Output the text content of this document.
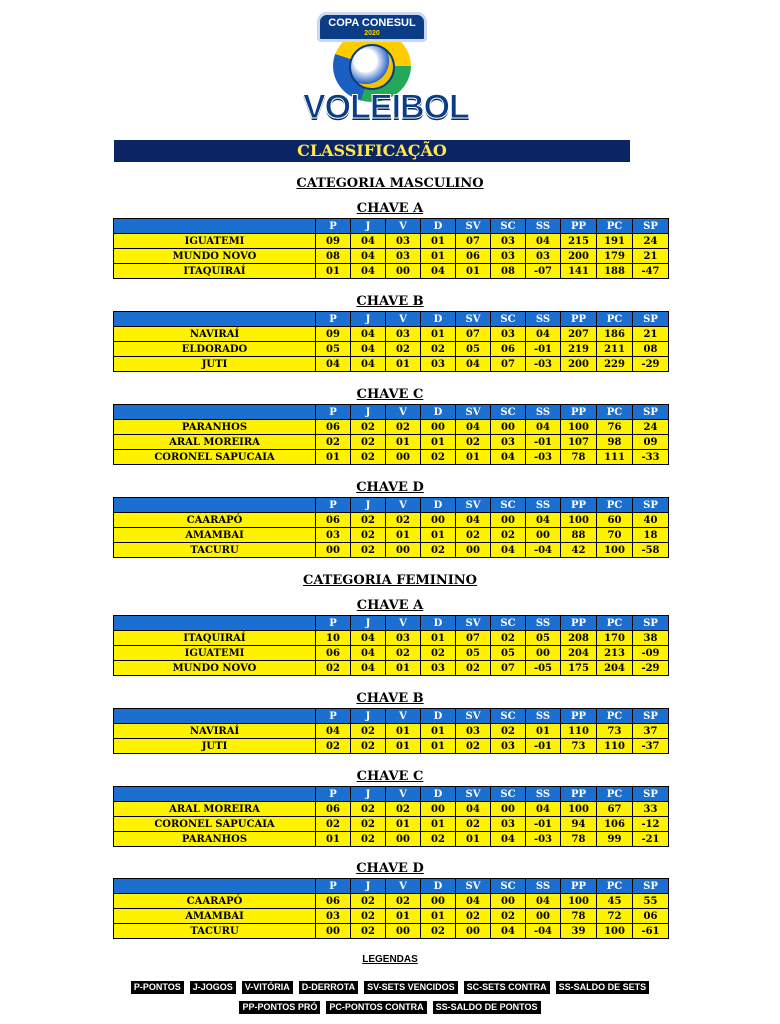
COPA CONESUL
2020
VOLEIBOL
CLASSIFICAÇÃO
CATEGORIA MASCULINO
CHAVE A
	P	J	V	D	SV	SC	SS	PP	PC	SP
IGUATEMI	09	04	03	01	07	03	04	215	191	24
MUNDO NOVO	08	04	03	01	06	03	03	200	179	21
ITAQUIRAÍ	01	04	00	04	01	08	-07	141	188	-47
CHAVE B
	P	J	V	D	SV	SC	SS	PP	PC	SP
NAVIRAÍ	09	04	03	01	07	03	04	207	186	21
ELDORADO	05	04	02	02	05	06	-01	219	211	08
JUTI	04	04	01	03	04	07	-03	200	229	-29
CHAVE C
	P	J	V	D	SV	SC	SS	PP	PC	SP
PARANHOS	06	02	02	00	04	00	04	100	76	24
ARAL MOREIRA	02	02	01	01	02	03	-01	107	98	09
CORONEL SAPUCAIA	01	02	00	02	01	04	-03	78	111	-33
CHAVE D
	P	J	V	D	SV	SC	SS	PP	PC	SP
CAARAPÓ	06	02	02	00	04	00	04	100	60	40
AMAMBAI	03	02	01	01	02	02	00	88	70	18
TACURU	00	02	00	02	00	04	-04	42	100	-58
CATEGORIA FEMININO
CHAVE A
	P	J	V	D	SV	SC	SS	PP	PC	SP
ITAQUIRAÍ	10	04	03	01	07	02	05	208	170	38
IGUATEMI	06	04	02	02	05	05	00	204	213	-09
MUNDO NOVO	02	04	01	03	02	07	-05	175	204	-29
CHAVE B
	P	J	V	D	SV	SC	SS	PP	PC	SP
NAVIRAÍ	04	02	01	01	03	02	01	110	73	37
JUTI	02	02	01	01	02	03	-01	73	110	-37
CHAVE C
	P	J	V	D	SV	SC	SS	PP	PC	SP
ARAL MOREIRA	06	02	02	00	04	00	04	100	67	33
CORONEL SAPUCAIA	02	02	01	01	02	03	-01	94	106	-12
PARANHOS	01	02	00	02	01	04	-03	78	99	-21
CHAVE D
	P	J	V	D	SV	SC	SS	PP	PC	SP
CAARAPÓ	06	02	02	00	04	00	04	100	45	55
AMAMBAI	03	02	01	01	02	02	00	78	72	06
TACURU	00	02	00	02	00	04	-04	39	100	-61
LEGENDAS
P-PONTOS J-JOGOS V-VITÓRIA D-DERROTA SV-SETS VENCIDOS SC-SETS CONTRA SS-SALDO DE SETS
PP-PONTOS PRÓ PC-PONTOS CONTRA SS-SALDO DE PONTOS
